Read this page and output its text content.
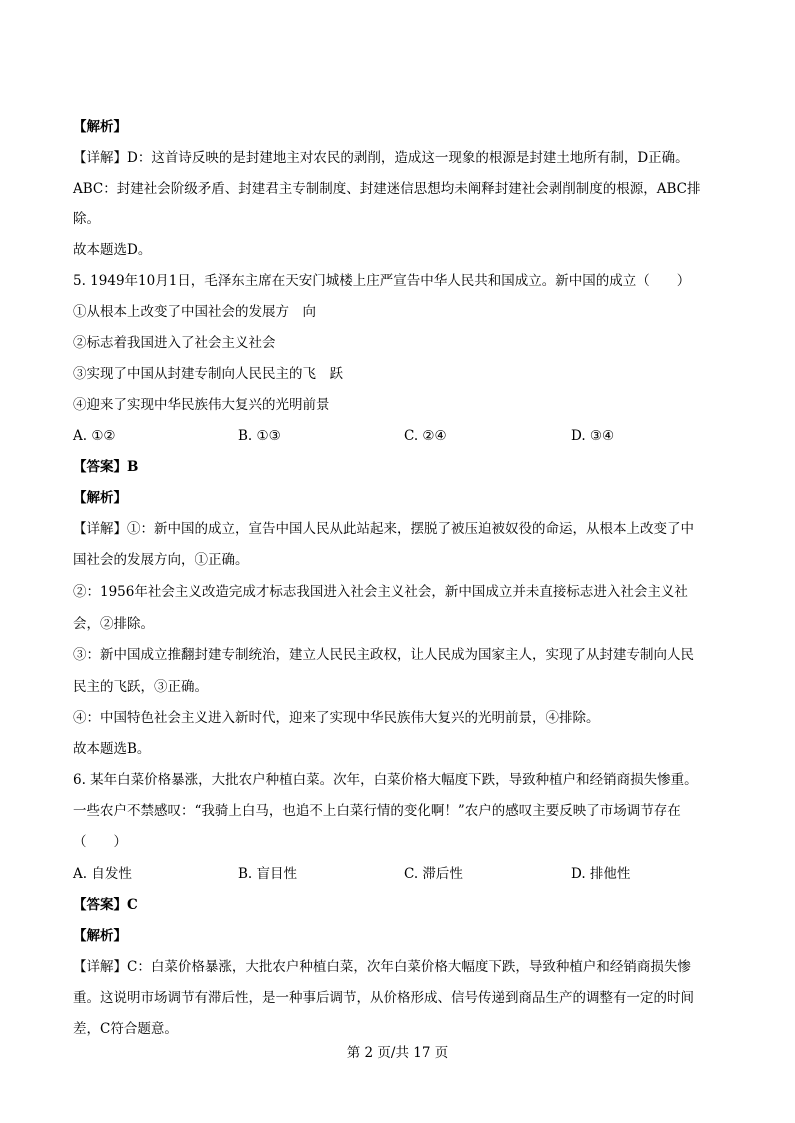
【解析】
【详解】D：这首诗反映的是封建地主对农民的剥削，造成这一现象的根源是封建土地所有制，D正确。
ABC：封建社会阶级矛盾、封建君主专制制度、封建迷信思想均未阐释封建社会剥削制度的根源，ABC排
除。
故本题选D。
5. 1949年10月1日，毛泽东主席在天安门城楼上庄严宣告中华人民共和国成立。新中国的成立（　　）
①从根本上改变了中国社会的发展方　向
②标志着我国进入了社会主义社会
③实现了中国从封建专制向人民民主的飞　跃
④迎来了实现中华民族伟大复兴的光明前景
A. ①②	B. ①③	C. ②④	D. ③④
【答案】B
【解析】
【详解】①：新中国的成立，宣告中国人民从此站起来，摆脱了被压迫被奴役的命运，从根本上改变了中
国社会的发展方向，①正确。
②：1956年社会主义改造完成才标志我国进入社会主义社会，新中国成立并未直接标志进入社会主义社
会，②排除。
③：新中国成立推翻封建专制统治，建立人民民主政权，让人民成为国家主人，实现了从封建专制向人民
民主的飞跃，③正确。
④：中国特色社会主义进入新时代，迎来了实现中华民族伟大复兴的光明前景，④排除。
故本题选B。
6. 某年白菜价格暴涨，大批农户种植白菜。次年，白菜价格大幅度下跌，导致种植户和经销商损失惨重。
一些农户不禁感叹：“我骑上白马，也追不上白菜行情的变化啊！”农户的感叹主要反映了市场调节存在
（　　）
A. 自发性	B. 盲目性	C. 滞后性	D. 排他性
【答案】C
【解析】
【详解】C：白菜价格暴涨，大批农户种植白菜，次年白菜价格大幅度下跌，导致种植户和经销商损失惨
重。这说明市场调节有滞后性，是一种事后调节，从价格形成、信号传递到商品生产的调整有一定的时间
差，C符合题意。
第 2 页/共 17 页
